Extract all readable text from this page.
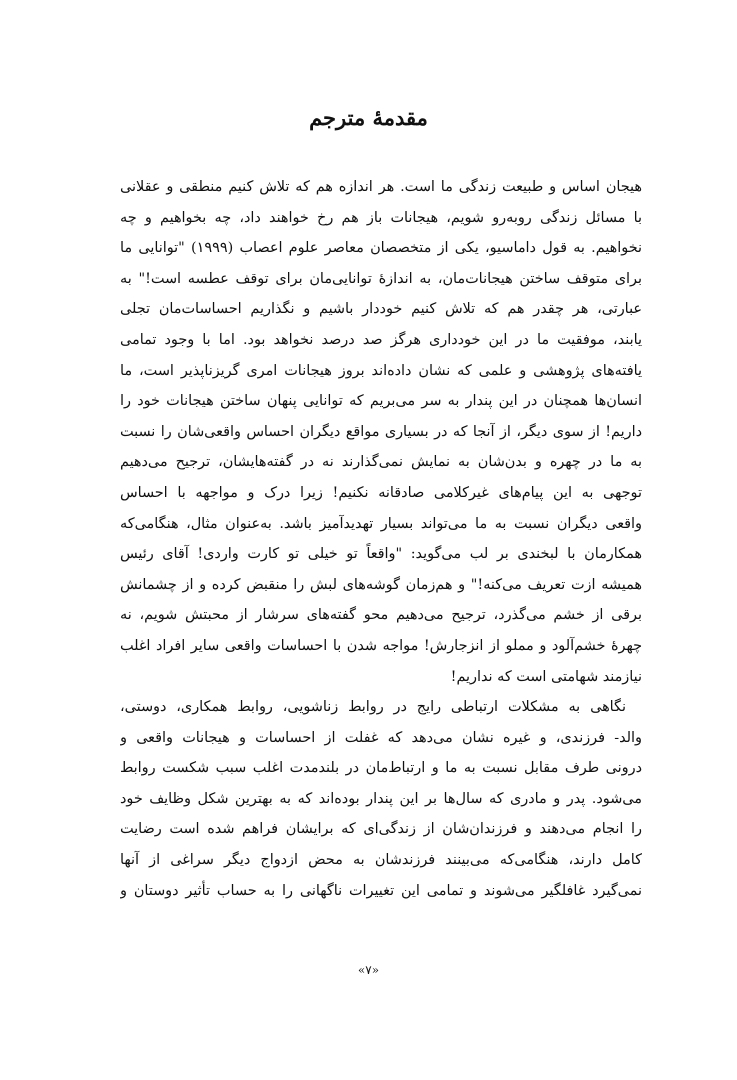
مقدمهٔ مترجم
هیجان اساس و طبیعت زندگی ما است. هر اندازه هم که تلاش کنیم منطقی و عقلانی
با مسائل زندگی روبه‌رو شویم، هیجانات باز هم رخ خواهند داد، چه بخواهیم و چه
نخواهیم. به قول داماسیو، یکی از متخصصان معاصر علوم اعصاب (۱۹۹۹) "توانایی ما
برای متوقف ساختن هیجانات‌مان، به اندازهٔ توانایی‌مان برای توقف عطسه است!" به
عبارتی، هر چقدر هم که تلاش کنیم خوددار باشیم و نگذاریم احساسات‌مان تجلی
یابند، موفقیت ما در این خودداری هرگز صد درصد نخواهد بود. اما با وجود تمامی
یافته‌های پژوهشی و علمی که نشان داده‌اند بروز هیجانات امری گریزناپذیر است، ما
انسان‌ها همچنان در این پندار به سر می‌بریم که توانایی پنهان ساختن هیجانات خود را
داریم! از سوی دیگر، از آنجا که در بسیاری مواقع دیگران احساس واقعی‌شان را نسبت
به ما در چهره و بدن‌شان به نمایش نمی‌گذارند نه در گفته‌هایشان، ترجیح می‌دهیم
توجهی به این پیام‌های غیرکلامی صادقانه نکنیم! زیرا درک و مواجهه با احساس
واقعی دیگران نسبت به ما می‌تواند بسیار تهدیدآمیز باشد. به‌عنوان مثال، هنگامی‌که
همکارمان با لبخندی بر لب می‌گوید: "واقعاً تو خیلی تو کارت واردی! آقای رئیس
همیشه ازت تعریف می‌کنه!" و هم‌زمان گوشه‌های لبش را منقبض کرده و از چشمانش
برقی از خشم می‌گذرد، ترجیح می‌دهیم محو گفته‌های سرشار از محبتش شویم، نه
چهرهٔ خشم‌آلود و مملو از انزجارش! مواجه شدن با احساسات واقعی سایر افراد اغلب
نیازمند شهامتی است که نداریم!
نگاهی به مشکلات ارتباطی رایج در روابط زناشویی، روابط همکاری، دوستی،
والد- فرزندی، و غیره نشان می‌دهد که غفلت از احساسات و هیجانات واقعی و
درونی طرف مقابل نسبت به ما و ارتباط‌مان در بلندمدت اغلب سبب شکست روابط
می‌شود. پدر و مادری که سال‌ها بر این پندار بوده‌اند که به بهترین شکل وظایف خود
را انجام می‌دهند و فرزندان‌شان از زندگی‌ای که برایشان فراهم شده است رضایت
کامل دارند، هنگامی‌که می‌بینند فرزندشان به محض ازدواج دیگر سراغی از آنها
نمی‌گیرد غافلگیر می‌شوند و تمامی این تغییرات ناگهانی را به حساب تأثیر دوستان و
«۷»
